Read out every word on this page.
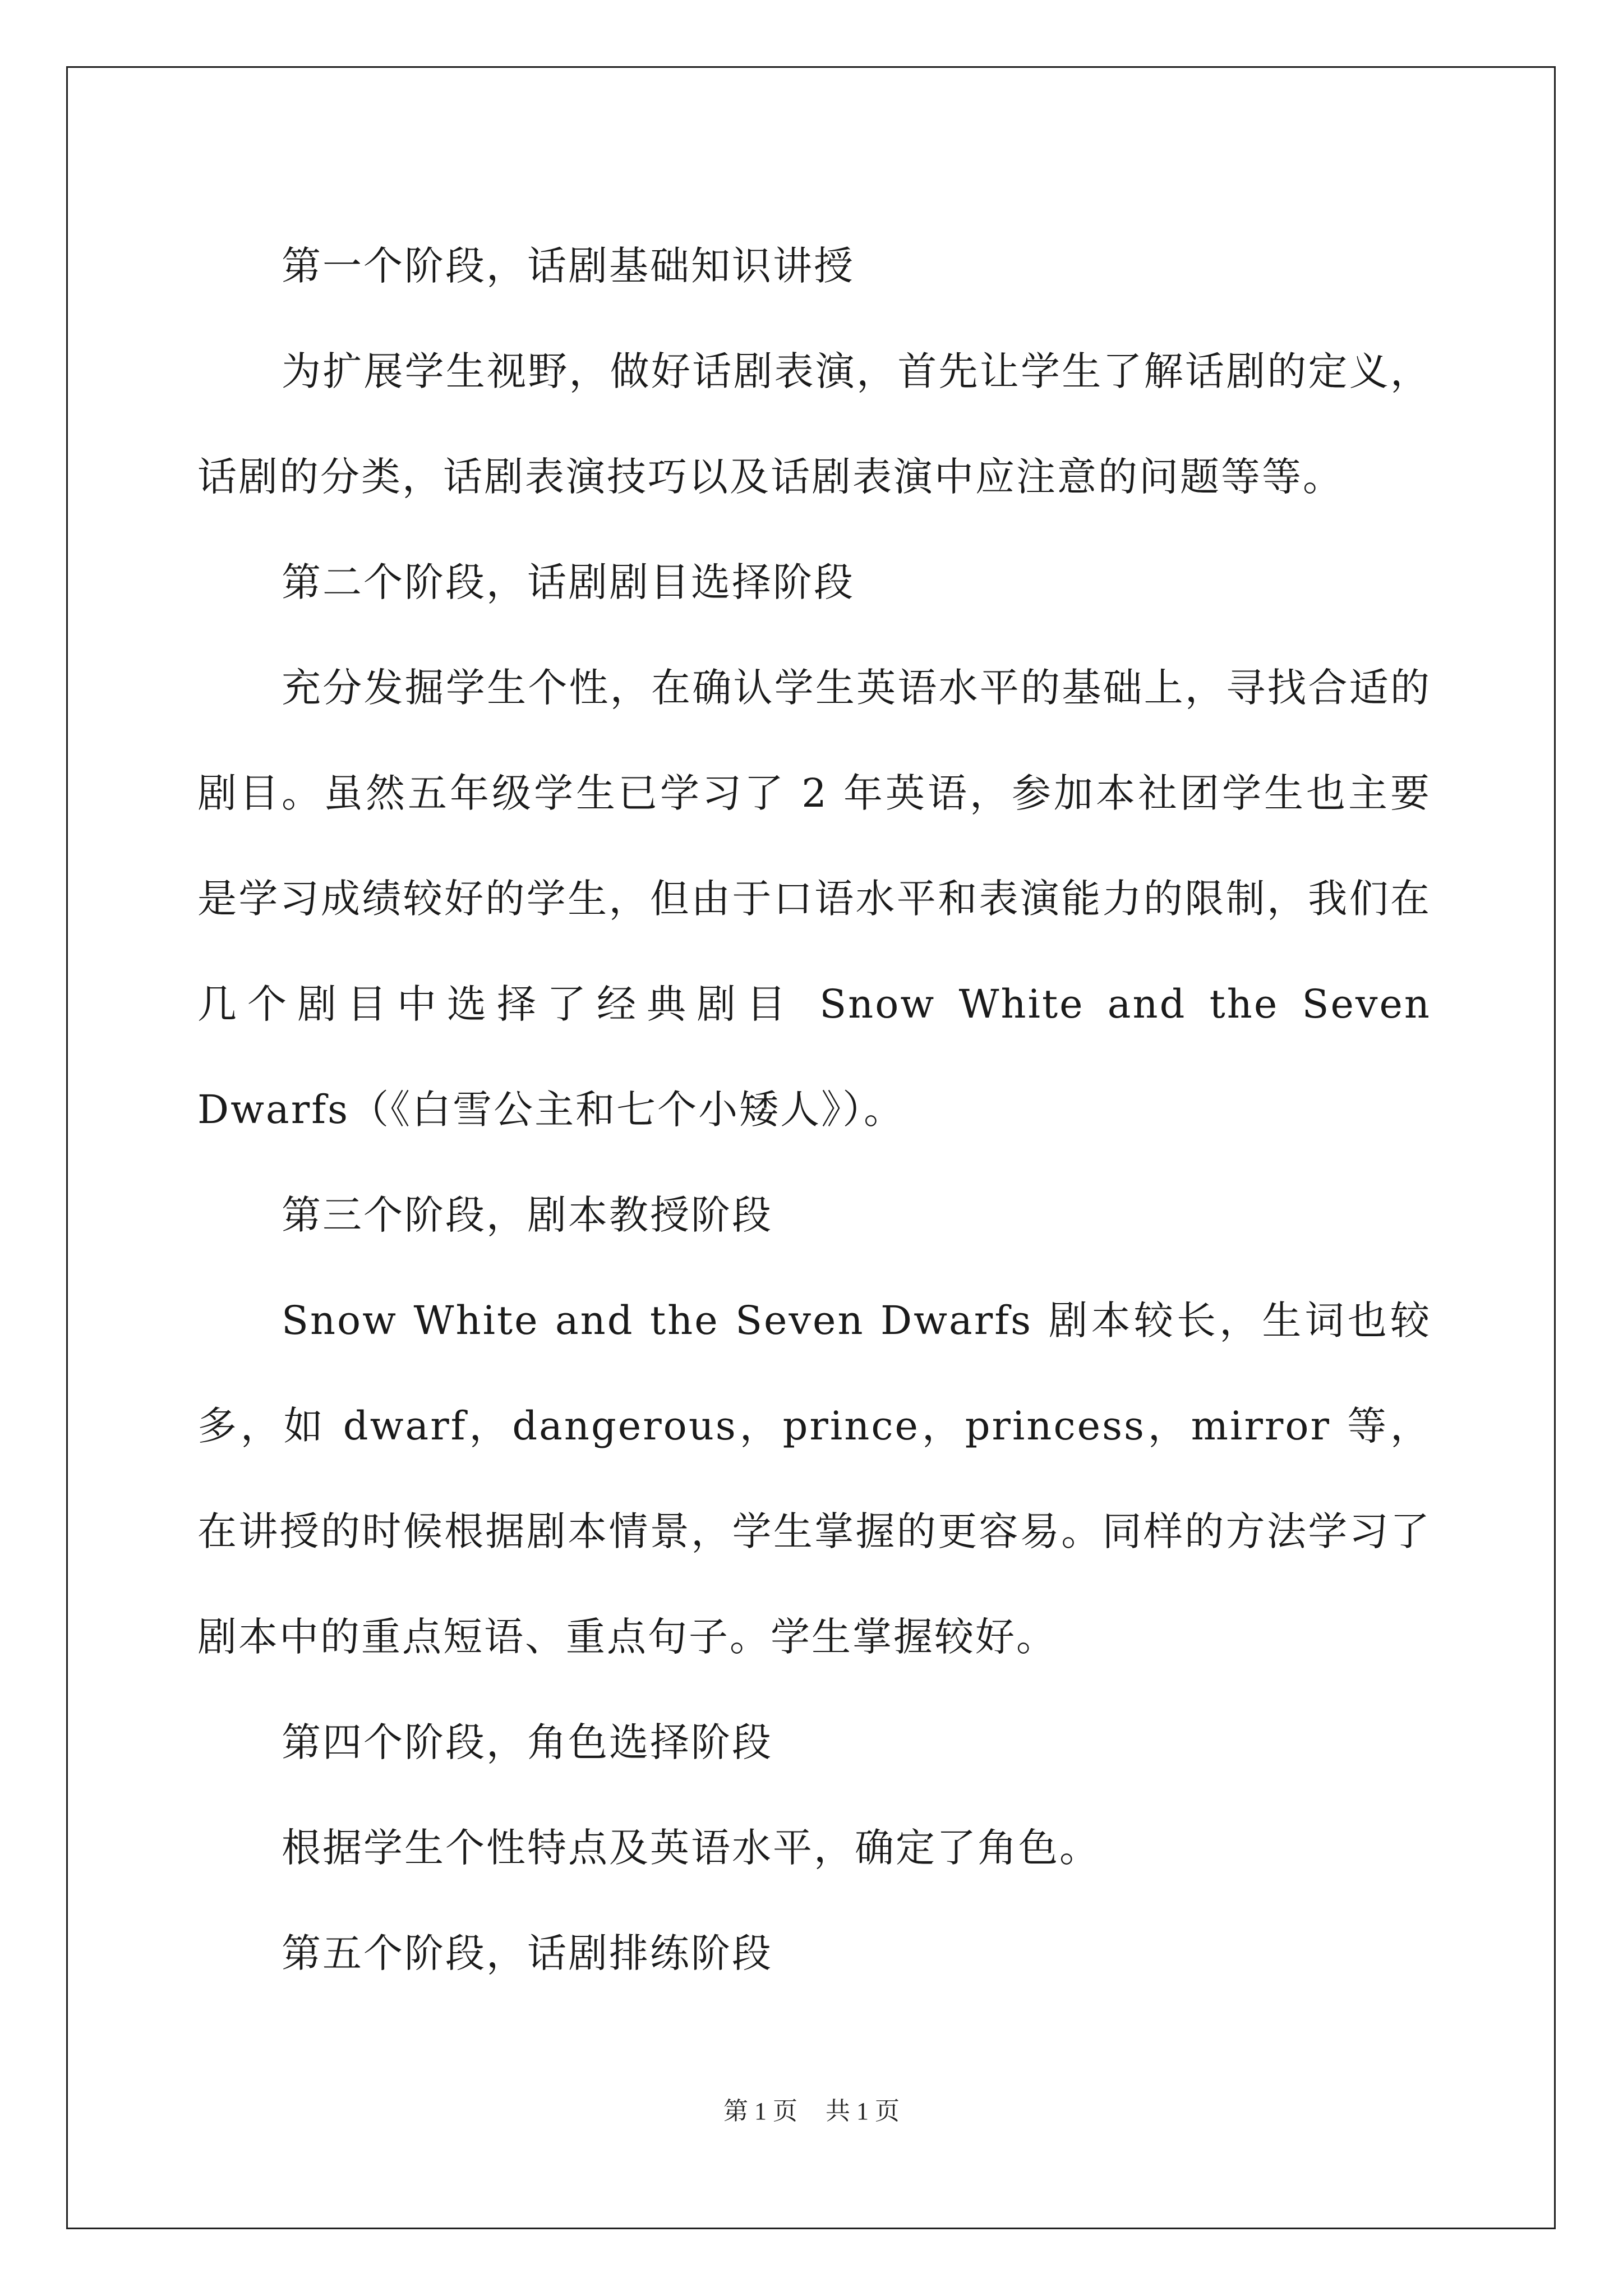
第一个阶段，话剧基础知识讲授

为扩展学生视野，做好话剧表演，首先让学生了解话剧的定义，话剧的分类，话剧表演技巧以及话剧表演中应注意的问题等等。

第二个阶段，话剧剧目选择阶段

充分发掘学生个性，在确认学生英语水平的基础上，寻找合适的剧目。虽然五年级学生已学习了 2 年英语，参加本社团学生也主要是学习成绩较好的学生，但由于口语水平和表演能力的限制，我们在几个剧目中选择了经典剧目 Snow White and the Seven Dwarfs（《白雪公主和七个小矮人》）。

第三个阶段，剧本教授阶段

Snow White and the Seven Dwarfs 剧本较长，生词也较多，如 dwarf，dangerous，prince，princess，mirror 等，在讲授的时候根据剧本情景，学生掌握的更容易。同样的方法学习了剧本中的重点短语、重点句子。学生掌握较好。

第四个阶段，角色选择阶段

根据学生个性特点及英语水平，确定了角色。

第五个阶段，话剧排练阶段

第 1 页 共 1 页
